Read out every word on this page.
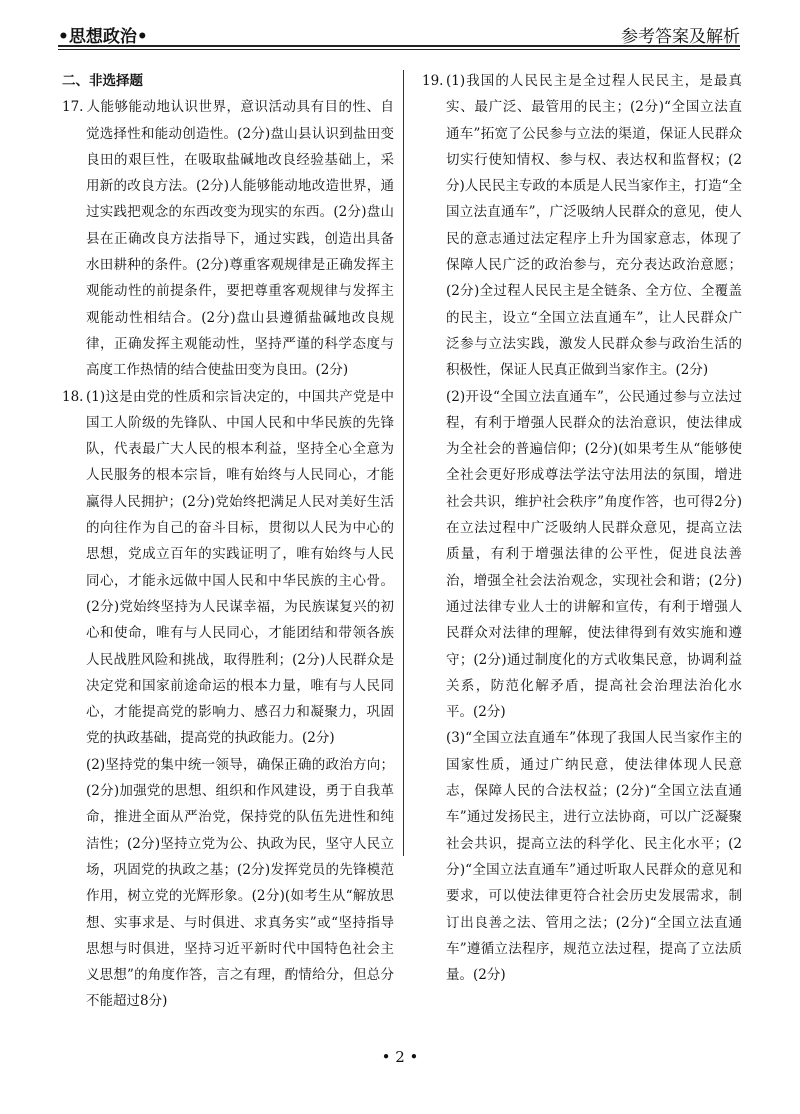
•思想政治•	参考答案及解析
二、非选择题
17. 人能够能动地认识世界，意识活动具有目的性、自觉选择性和能动创造性。(2分)盘山县认识到盐田变良田的艰巨性，在吸取盐碱地改良经验基础上，采用新的改良方法。(2分)人能够能动地改造世界，通过实践把观念的东西改变为现实的东西。(2分)盘山县在正确改良方法指导下，通过实践，创造出具备水田耕种的条件。(2分)尊重客观规律是正确发挥主观能动性的前提条件，要把尊重客观规律与发挥主观能动性相结合。(2分)盘山县遵循盐碱地改良规律，正确发挥主观能动性，坚持严谨的科学态度与高度工作热情的结合使盐田变为良田。(2分)
18. (1)这是由党的性质和宗旨决定的，中国共产党是中国工人阶级的先锋队、中国人民和中华民族的先锋队，代表最广大人民的根本利益，坚持全心全意为人民服务的根本宗旨，唯有始终与人民同心，才能赢得人民拥护；(2分)党始终把满足人民对美好生活的向往作为自己的奋斗目标，贯彻以人民为中心的思想，党成立百年的实践证明了，唯有始终与人民同心，才能永远做中国人民和中华民族的主心骨。(2分)党始终坚持为人民谋幸福，为民族谋复兴的初心和使命，唯有与人民同心，才能团结和带领各族人民战胜风险和挑战，取得胜利；(2分)人民群众是决定党和国家前途命运的根本力量，唯有与人民同心，才能提高党的影响力、感召力和凝聚力，巩固党的执政基础，提高党的执政能力。(2分)
(2)坚持党的集中统一领导，确保正确的政治方向；(2分)加强党的思想、组织和作风建设，勇于自我革命，推进全面从严治党，保持党的队伍先进性和纯洁性；(2分)坚持立党为公、执政为民，坚守人民立场，巩固党的执政之基；(2分)发挥党员的先锋模范作用，树立党的光辉形象。(2分)(如考生从“解放思想、实事求是、与时俱进、求真务实”或“坚持指导思想与时俱进，坚持习近平新时代中国特色社会主义思想”的角度作答，言之有理，酌情给分，但总分不能超过8分)
19. (1)我国的人民民主是全过程人民民主，是最真实、最广泛、最管用的民主；(2分)“全国立法直通车”拓宽了公民参与立法的渠道，保证人民群众切实行使知情权、参与权、表达权和监督权；(2分)人民民主专政的本质是人民当家作主，打造“全国立法直通车”，广泛吸纳人民群众的意见，使人民的意志通过法定程序上升为国家意志，体现了保障人民广泛的政治参与，充分表达政治意愿；(2分)全过程人民民主是全链条、全方位、全覆盖的民主，设立“全国立法直通车”，让人民群众广泛参与立法实践，激发人民群众参与政治生活的积极性，保证人民真正做到当家作主。(2分)
(2)开设“全国立法直通车”，公民通过参与立法过程，有利于增强人民群众的法治意识，使法律成为全社会的普遍信仰；(2分)(如果考生从“能够使全社会更好形成尊法学法守法用法的氛围，增进社会共识，维护社会秩序”角度作答，也可得2分)在立法过程中广泛吸纳人民群众意见，提高立法质量，有利于增强法律的公平性，促进良法善治，增强全社会法治观念，实现社会和谐；(2分)通过法律专业人士的讲解和宣传，有利于增强人民群众对法律的理解，使法律得到有效实施和遵守；(2分)通过制度化的方式收集民意，协调利益关系，防范化解矛盾，提高社会治理法治化水平。(2分)
(3)“全国立法直通车”体现了我国人民当家作主的国家性质，通过广纳民意，使法律体现人民意志，保障人民的合法权益；(2分)“全国立法直通车”通过发扬民主，进行立法协商，可以广泛凝聚社会共识，提高立法的科学化、民主化水平；(2分)“全国立法直通车”通过听取人民群众的意见和要求，可以使法律更符合社会历史发展需求，制订出良善之法、管用之法；(2分)“全国立法直通车”遵循立法程序，规范立法过程，提高了立法质量。(2分)
• 2 •
